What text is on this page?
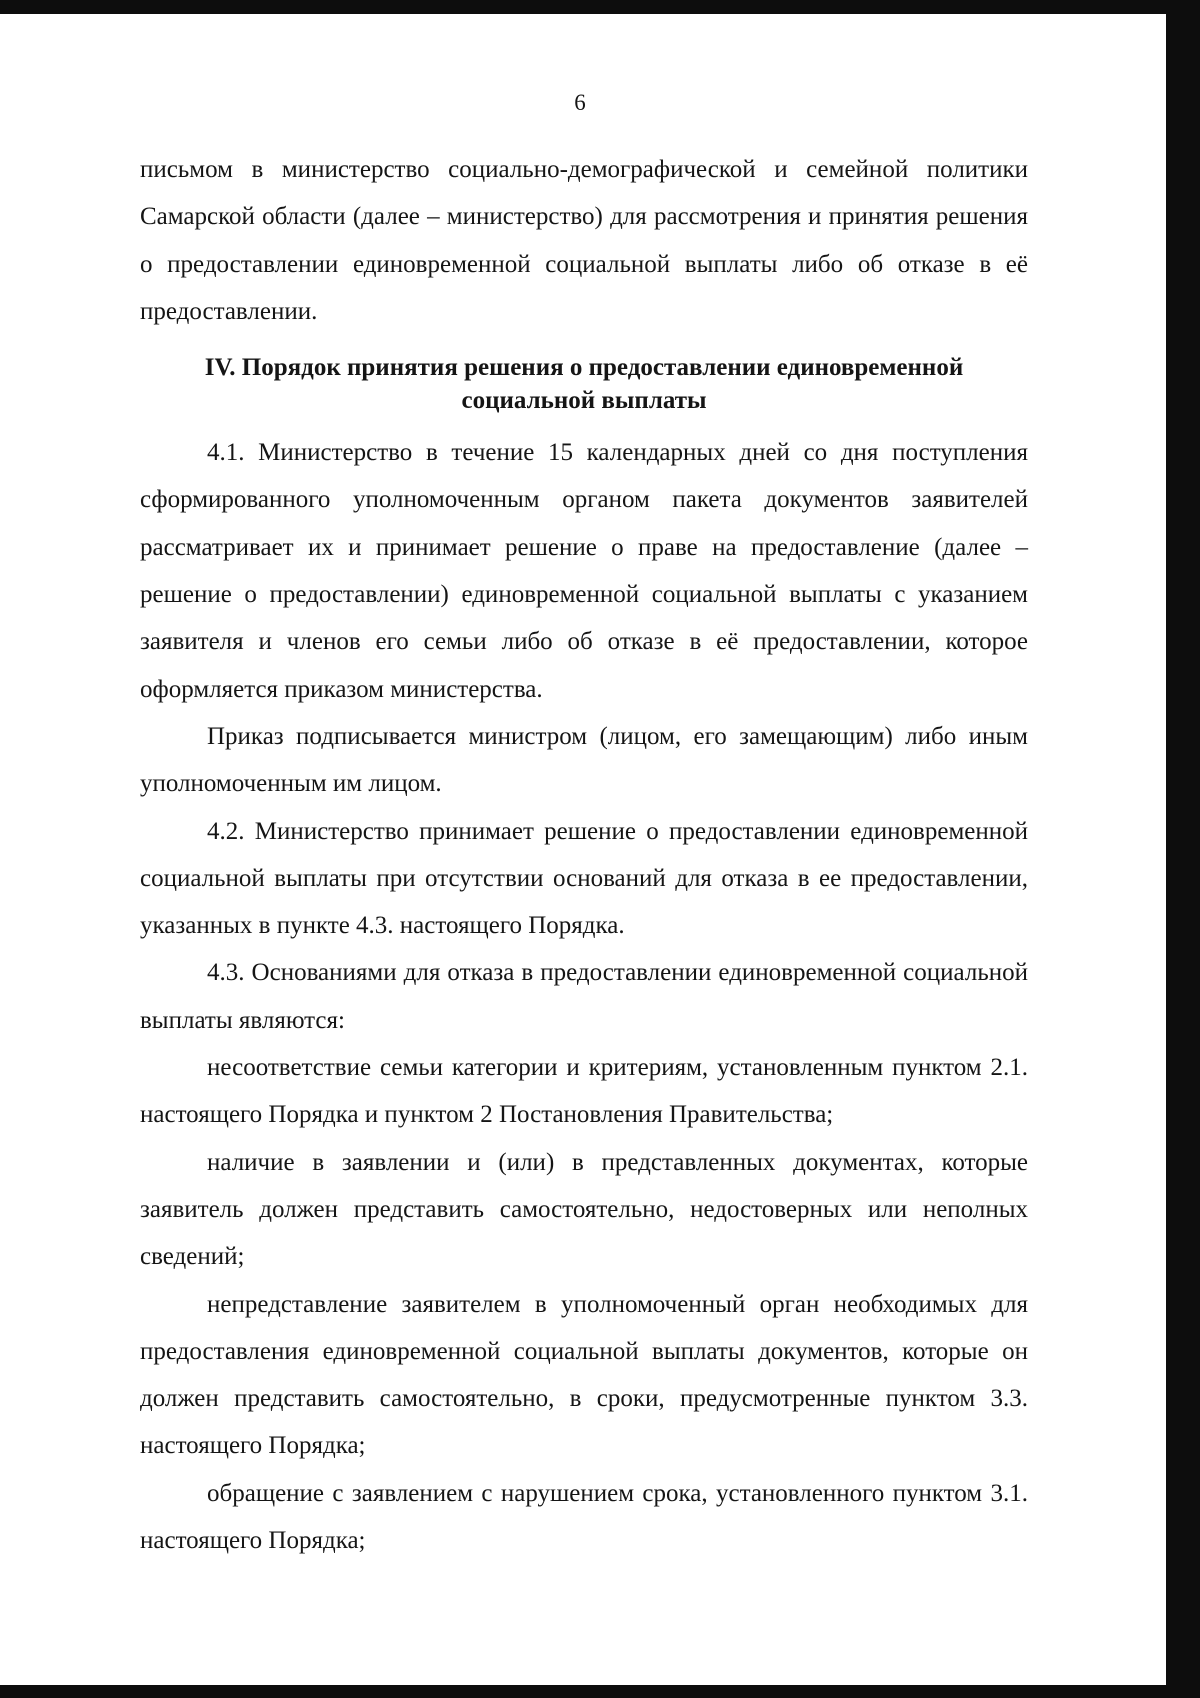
6

письмом в министерство социально-демографической и семейной политики Самарской области (далее – министерство) для рассмотрения и принятия решения о предоставлении единовременной социальной выплаты либо об отказе в её предоставлении.

IV. Порядок принятия решения о предоставлении единовременной
социальной выплаты

4.1. Министерство в течение 15 календарных дней со дня поступления сформированного уполномоченным органом пакета документов заявителей рассматривает их и принимает решение о праве на предоставление (далее – решение о предоставлении) единовременной социальной выплаты с указанием заявителя и членов его семьи либо об отказе в её предоставлении, которое оформляется приказом министерства.

Приказ подписывается министром (лицом, его замещающим) либо иным уполномоченным им лицом.

4.2. Министерство принимает решение о предоставлении единовременной социальной выплаты при отсутствии оснований для отказа в ее предоставлении, указанных в пункте 4.3. настоящего Порядка.

4.3. Основаниями для отказа в предоставлении единовременной социальной выплаты являются:

несоответствие семьи категории и критериям, установленным пунктом 2.1. настоящего Порядка и пунктом 2 Постановления Правительства;

наличие в заявлении и (или) в представленных документах, которые заявитель должен представить самостоятельно, недостоверных или неполных сведений;

непредставление заявителем в уполномоченный орган необходимых для предоставления единовременной социальной выплаты документов, которые он должен представить самостоятельно, в сроки, предусмотренные пунктом 3.3. настоящего Порядка;

обращение с заявлением с нарушением срока, установленного пунктом 3.1. настоящего Порядка;
